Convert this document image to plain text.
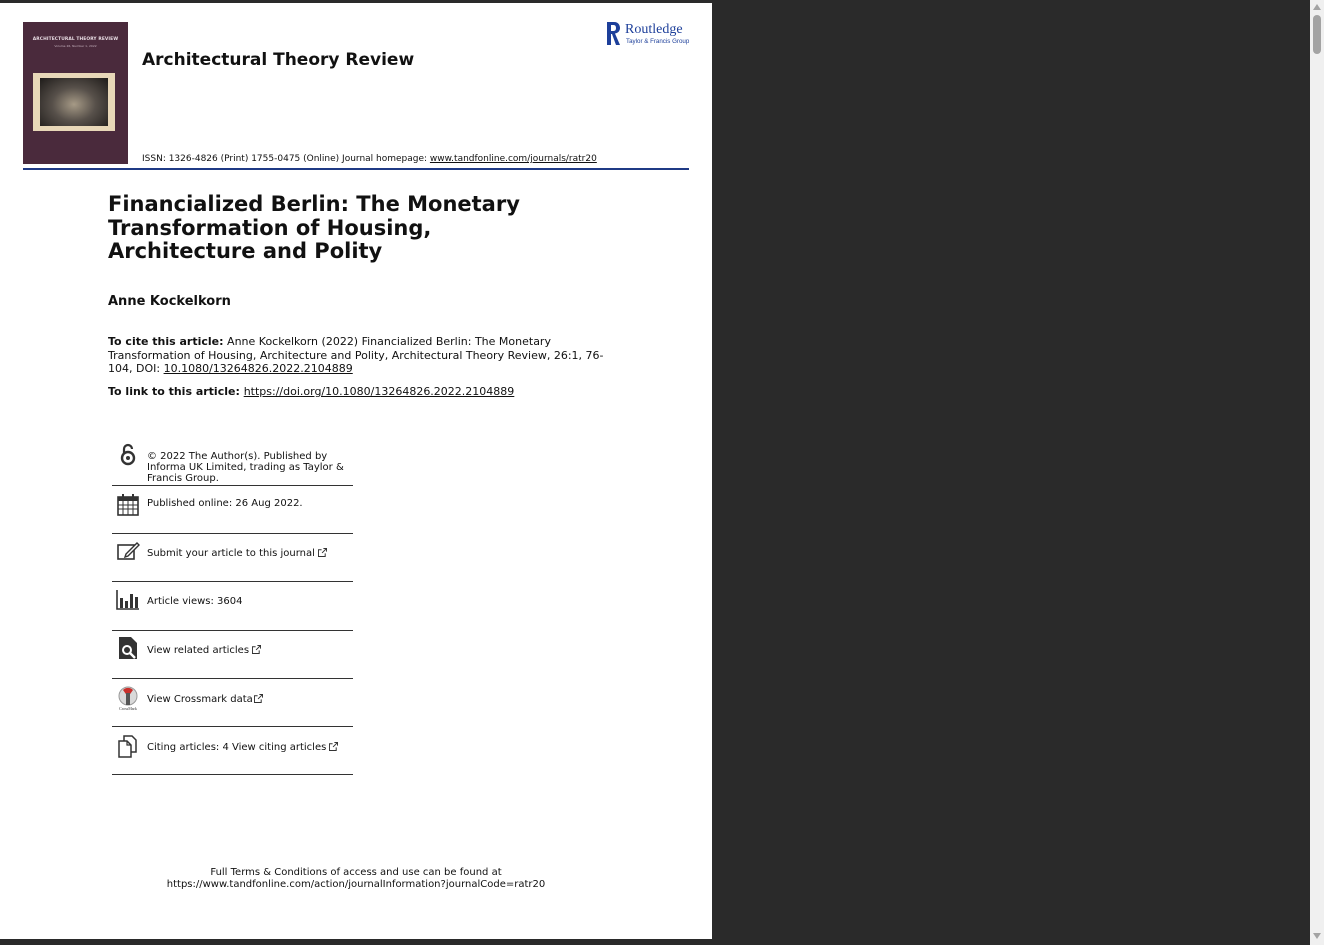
ARCHITECTURAL THEORY REVIEW
Volume 26, Number 1, 2022
Architectural Theory Review
Routledge
Taylor & Francis Group
ISSN: 1326-4826 (Print) 1755-0475 (Online) Journal homepage: www.tandfonline.com/journals/ratr20
Financialized Berlin: The Monetary Transformation of Housing, Architecture and Polity
Anne Kockelkorn
To cite this article: Anne Kockelkorn (2022) Financialized Berlin: The Monetary Transformation of Housing, Architecture and Polity, Architectural Theory Review, 26:1, 76-104, DOI: 10.1080/13264826.2022.2104889
To link to this article: https://doi.org/10.1080/13264826.2022.2104889
© 2022 The Author(s). Published by Informa UK Limited, trading as Taylor & Francis Group.
Published online: 26 Aug 2022.
Submit your article to this journal
Article views: 3604
View related articles
CrossMark
View Crossmark data
Citing articles: 4 View citing articles
Full Terms & Conditions of access and use can be found at
https://www.tandfonline.com/action/journalInformation?journalCode=ratr20
